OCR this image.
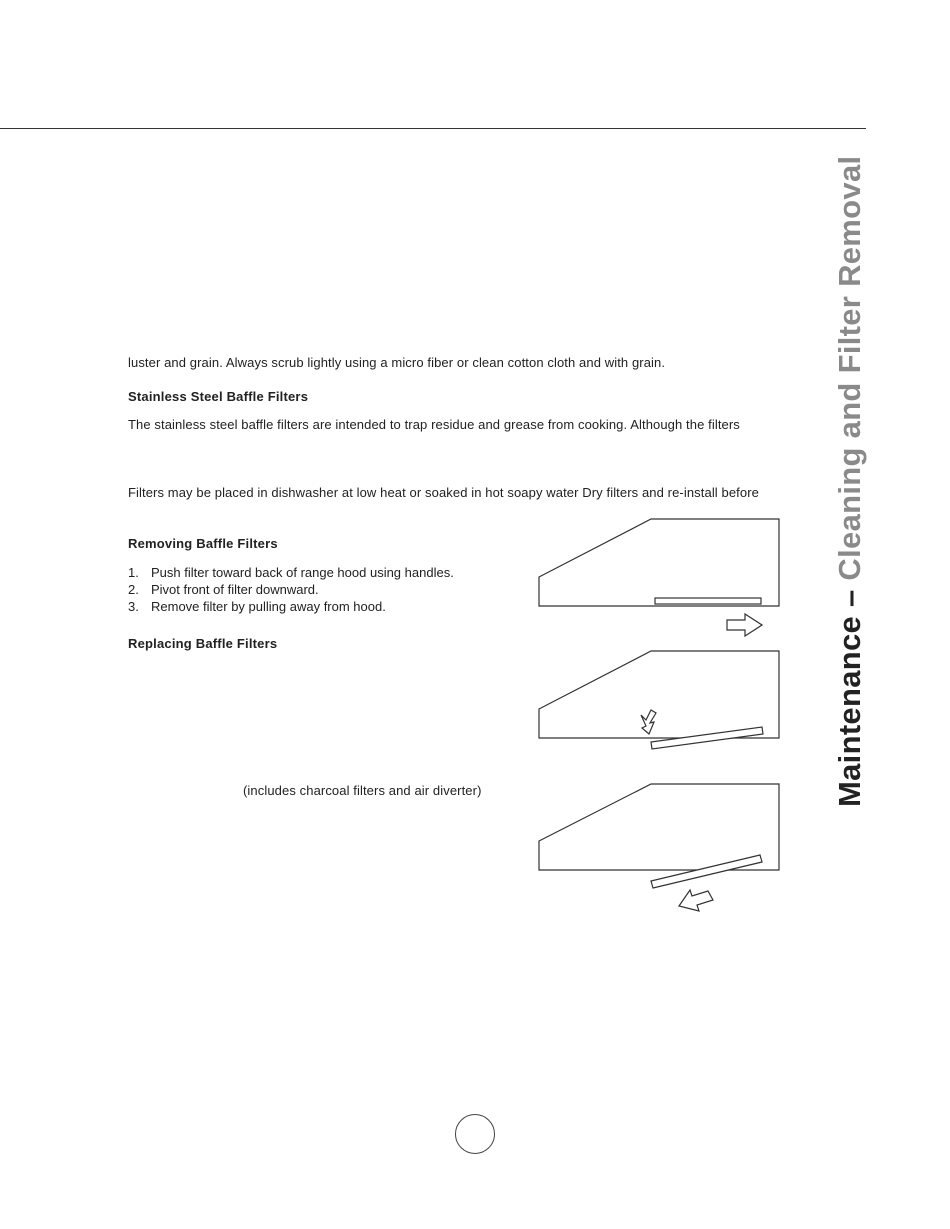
Maintenance – Cleaning and Filter Removal
luster and grain. Always scrub lightly using a micro fiber or clean cotton cloth and with grain.
Stainless Steel Baffle Filters
The stainless steel baffle filters are intended to trap residue and grease from cooking. Although the filters
Filters may be placed in dishwasher at low heat or soaked in hot soapy water Dry filters and re-install before
Removing Baffle Filters
1. Push filter toward back of range hood using handles.
2. Pivot front of filter downward.
3. Remove filter by pulling away from hood.
Replacing Baffle Filters
(includes charcoal filters and air diverter)
